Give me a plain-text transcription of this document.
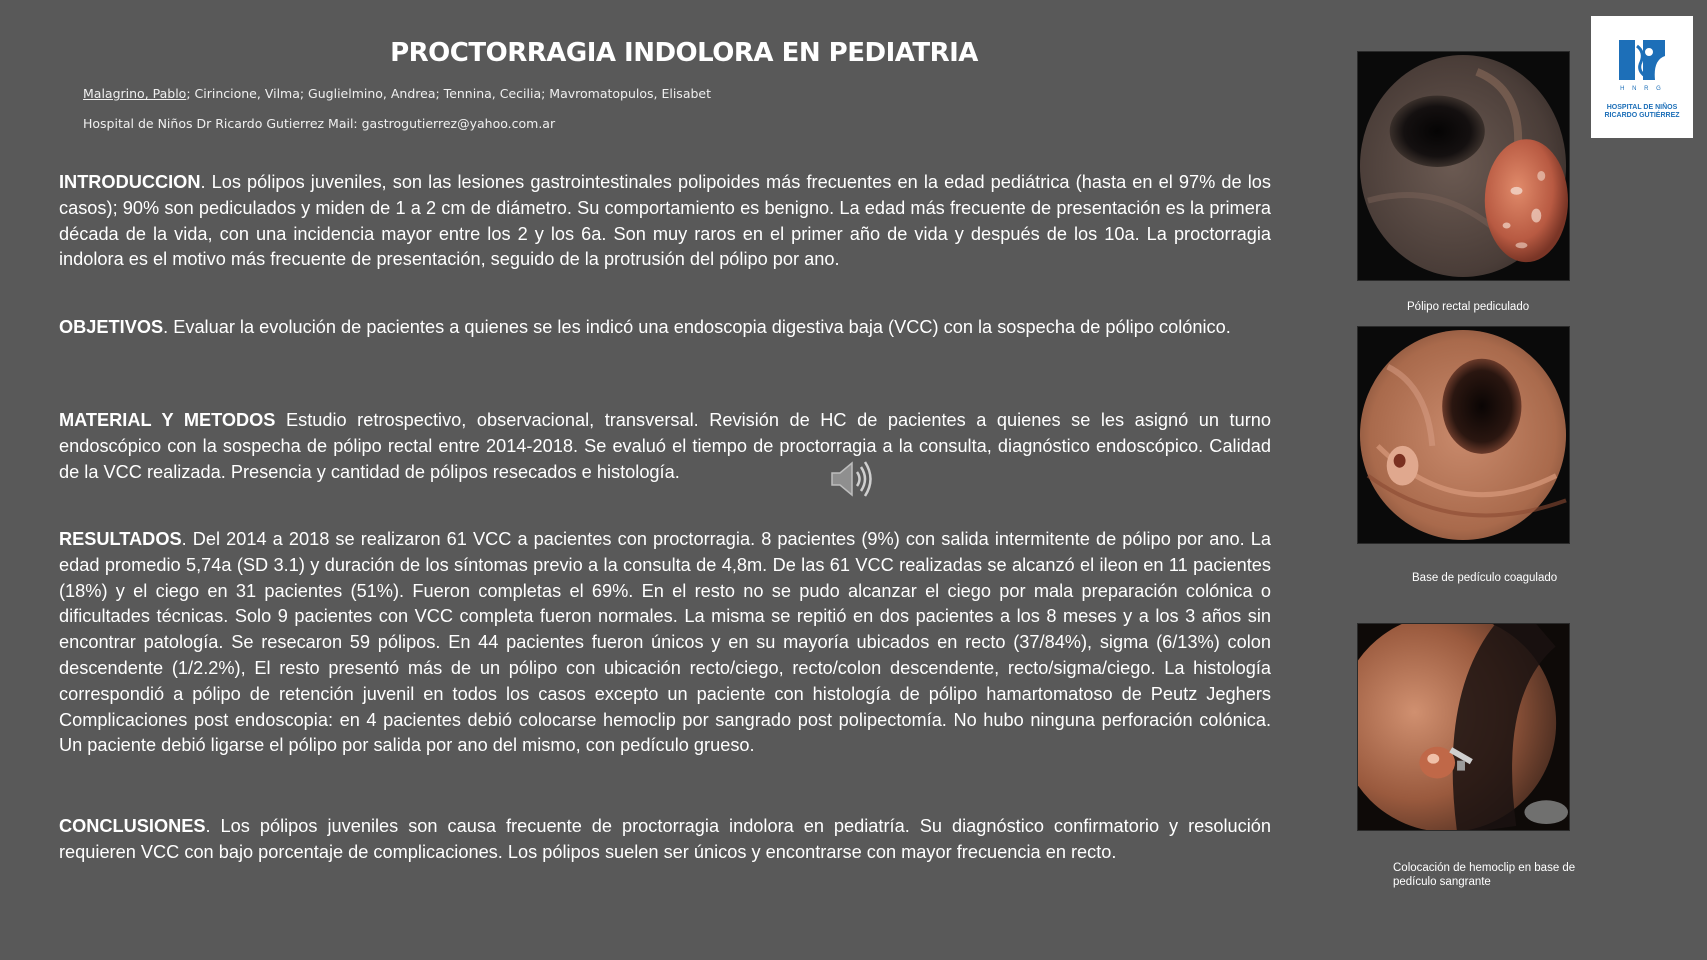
PROCTORRAGIA INDOLORA EN PEDIATRIA
Malagrino, Pablo; Cirincione, Vilma; Guglielmino, Andrea; Tennina, Cecilia; Mavromatopulos, Elisabet
Hospital de Niños Dr Ricardo Gutierrez Mail: gastrogutierrez@yahoo.com.ar
INTRODUCCION. Los pólipos juveniles, son las lesiones gastrointestinales polipoides más frecuentes en la edad pediátrica (hasta en el 97% de los casos); 90% son pediculados y miden de 1 a 2 cm de diámetro. Su comportamiento es benigno. La edad más frecuente de presentación es la primera década de la vida, con una incidencia mayor entre los 2 y los 6a. Son muy raros en el primer año de vida y después de los 10a. La proctorragia indolora es el motivo más frecuente de presentación, seguido de la protrusión del pólipo por ano.
OBJETIVOS. Evaluar la evolución de pacientes a quienes se les indicó una endoscopia digestiva baja (VCC) con la sospecha de pólipo colónico.
MATERIAL Y METODOS Estudio retrospectivo, observacional, transversal. Revisión de HC de pacientes a quienes se les asignó un turno endoscópico con la sospecha de pólipo rectal entre 2014-2018. Se evaluó el tiempo de proctorragia a la consulta, diagnóstico endoscópico. Calidad de la VCC realizada. Presencia y cantidad de pólipos resecados e histología.
RESULTADOS. Del 2014 a 2018 se realizaron 61 VCC a pacientes con proctorragia. 8 pacientes (9%) con salida intermitente de pólipo por ano. La edad promedio 5,74a (SD 3.1) y duración de los síntomas previo a la consulta de 4,8m. De las 61 VCC realizadas se alcanzó el ileon en 11 pacientes (18%) y el ciego en 31 pacientes (51%). Fueron completas el 69%. En el resto no se pudo alcanzar el ciego por mala preparación colónica o dificultades técnicas. Solo 9 pacientes con VCC completa fueron normales. La misma se repitió en dos pacientes a los 8 meses y a los 3 años sin encontrar patología. Se resecaron 59 pólipos. En 44 pacientes fueron únicos y en su mayoría ubicados en recto (37/84%), sigma (6/13%) colon descendente (1/2.2%), El resto presentó más de un pólipo con ubicación recto/ciego, recto/colon descendente, recto/sigma/ciego. La histología correspondió a pólipo de retención juvenil en todos los casos excepto un paciente con histología de pólipo hamartomatoso de Peutz Jeghers Complicaciones post endoscopia: en 4 pacientes debió colocarse hemoclip por sangrado post polipectomía. No hubo ninguna perforación colónica. Un paciente debió ligarse el pólipo por salida por ano del mismo, con pedículo grueso.
CONCLUSIONES. Los pólipos juveniles son causa frecuente de proctorragia indolora en pediatría. Su diagnóstico confirmatorio y resolución requieren VCC con bajo porcentaje de complicaciones. Los pólipos suelen ser únicos y encontrarse con mayor frecuencia en recto.
Pólipo rectal pediculado
Base de pedículo coagulado
Colocación de hemoclip en base de pedículo sangrante
H N R G
HOSPITAL DE NIÑOS
RICARDO GUTIÉRREZ
